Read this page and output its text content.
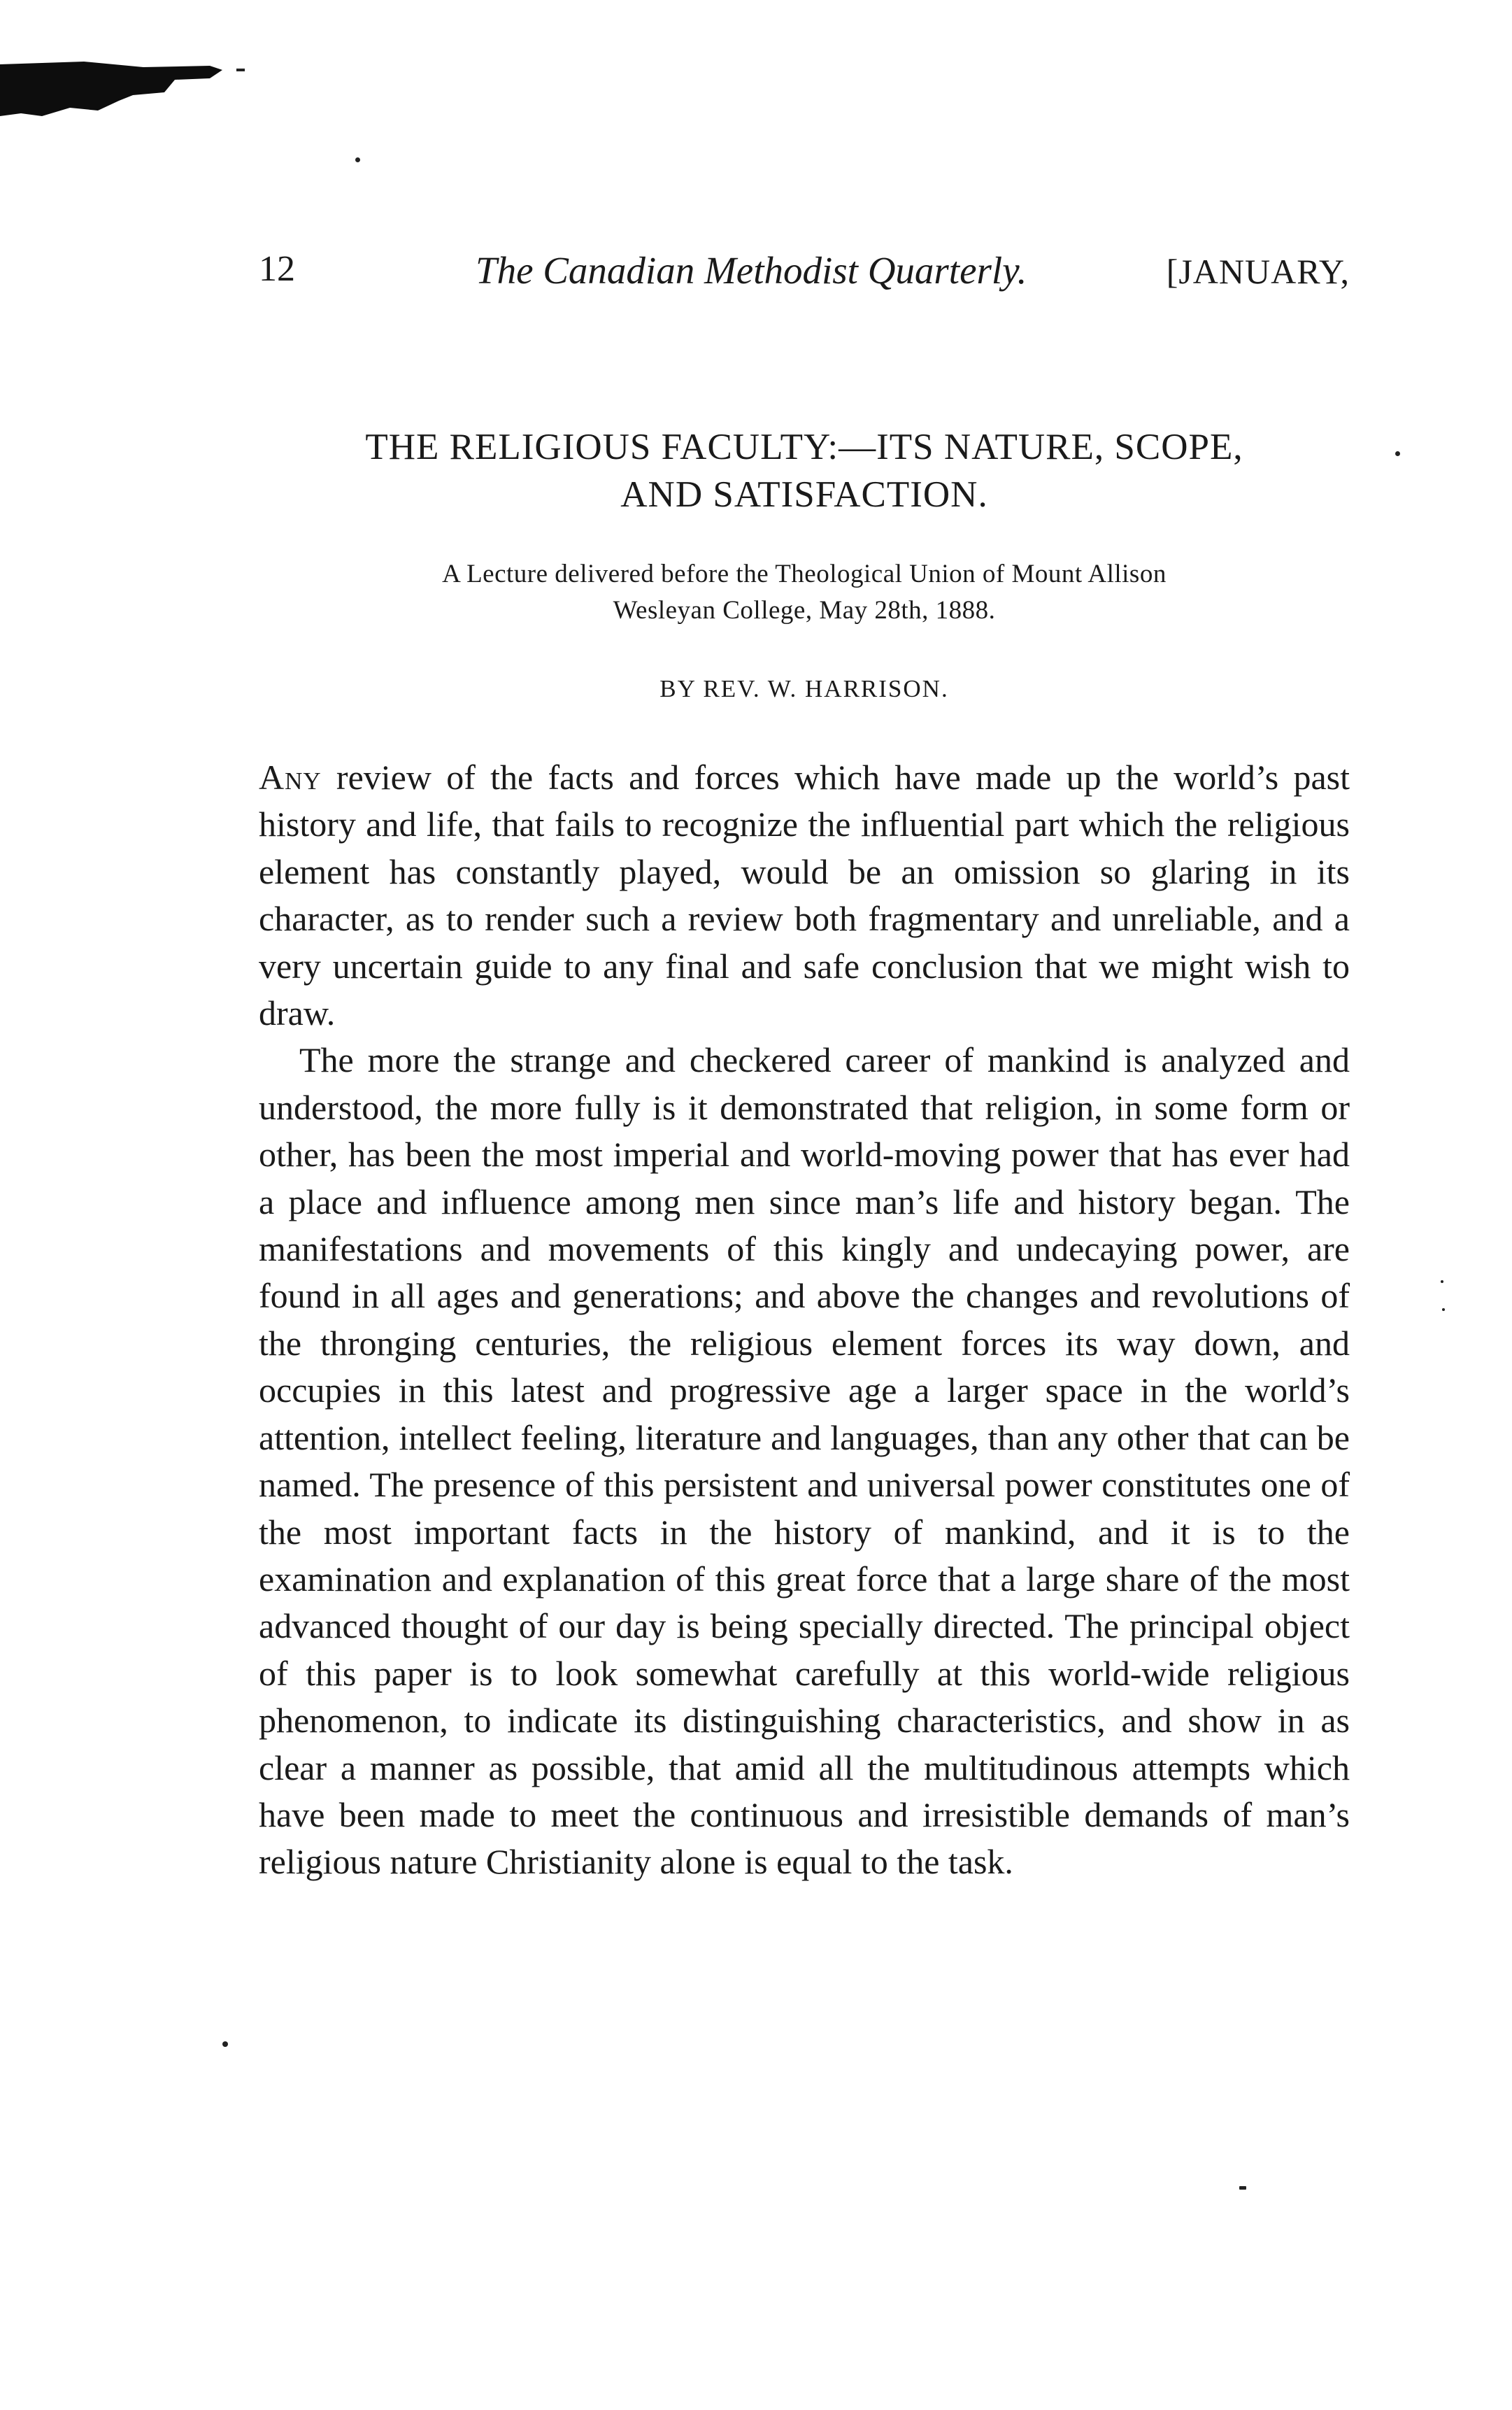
12	The Canadian Methodist Quarterly.	[JANUARY,
THE RELIGIOUS FACULTY:—ITS NATURE, SCOPE,
AND SATISFACTION.
A Lecture delivered before the Theological Union of Mount Allison
Wesleyan College, May 28th, 1888.
BY REV. W. HARRISON.

Any review of the facts and forces which have made up the world’s past history and life, that fails to recognize the influential part which the religious element has constantly played, would be an omission so glaring in its character, as to render such a review both fragmentary and unreliable, and a very uncertain guide to any final and safe conclusion that we might wish to draw.

The more the strange and checkered career of mankind is analyzed and understood, the more fully is it demonstrated that religion, in some form or other, has been the most imperial and world-moving power that has ever had a place and influence among men since man’s life and history began. The manifestations and movements of this kingly and undecaying power, are found in all ages and generations; and above the changes and revolutions of the thronging centuries, the religious element forces its way down, and occupies in this latest and progressive age a larger space in the world’s attention, intellect feeling, literature and languages, than any other that can be named. The presence of this persistent and universal power constitutes one of the most important facts in the history of mankind, and it is to the examination and explanation of this great force that a large share of the most advanced thought of our day is being specially directed. The principal object of this paper is to look somewhat carefully at this world-wide religious phenomenon, to indicate its distinguishing characteristics, and show in as clear a manner as possible, that amid all the multitudinous attempts which have been made to meet the continuous and irresistible demands of man’s religious nature Christianity alone is equal to the task.
